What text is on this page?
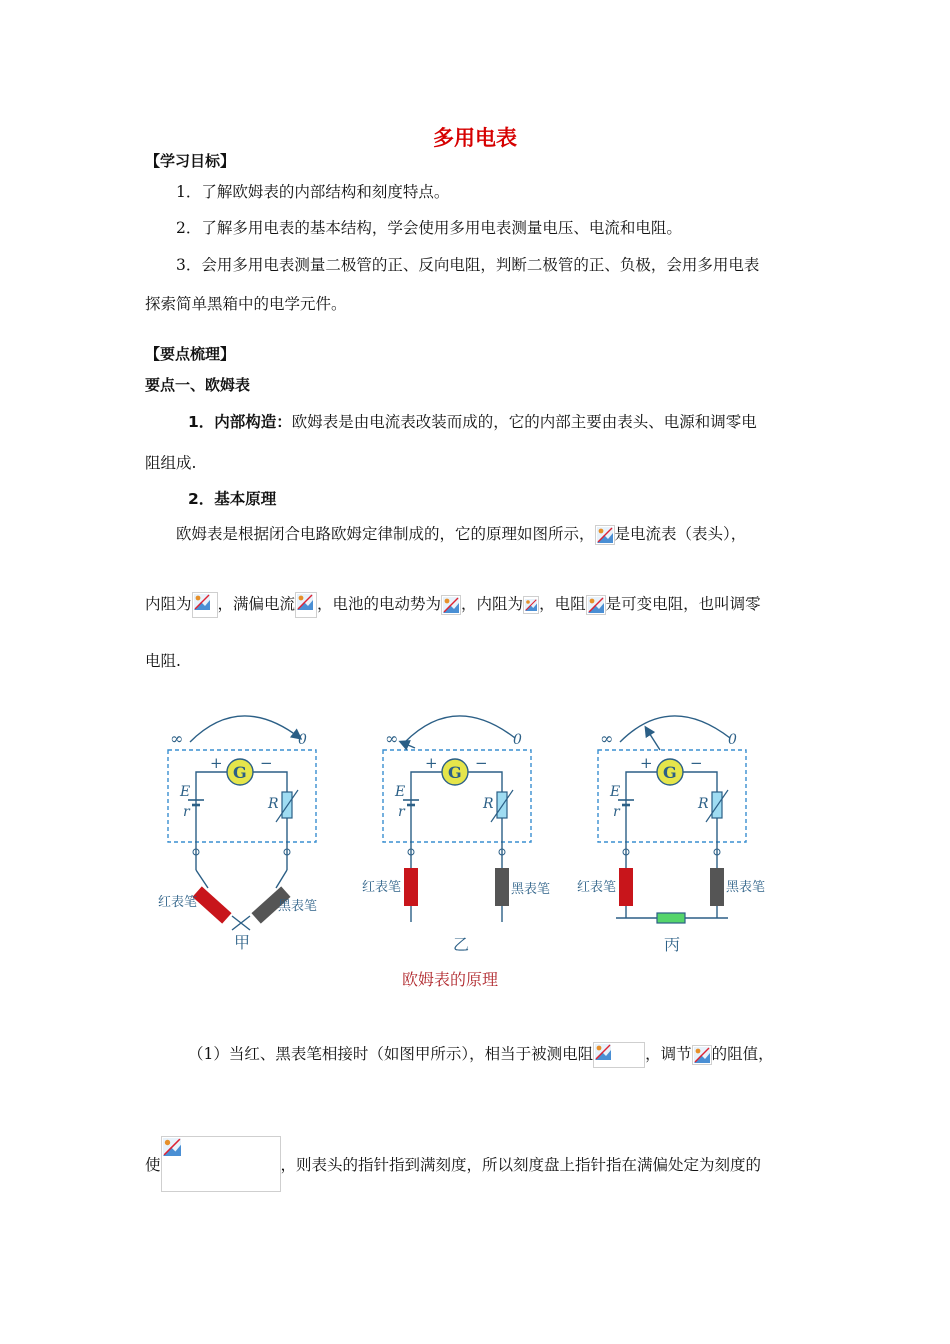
多用电表
【学习目标】
1．了解欧姆表的内部结构和刻度特点。
2．了解多用电表的基本结构，学会使用多用电表测量电压、电流和电阻。
3．会用多用电表测量二极管的正、反向电阻，判断二极管的正、负极，会用多用电表
探索简单黑箱中的电学元件。
【要点梳理】
要点一、欧姆表
1．内部构造：欧姆表是由电流表改装而成的，它的内部主要由表头、电源和调零电
阻组成.
2．基本原理
欧姆表是根据闭合电路欧姆定律制成的，它的原理如图所示， 是电流表（表头），
内阻为 ，满偏电流 ，电池的电动势为 ，内阻为 ，电阻 是可变电阻，也叫调零
电阻.
∞	0
G
+ −
E
r	R
红表笔	黑表笔
甲
∞	0
G
+ −
E
r	R
红表笔	黑表笔
乙
∞	0
G
+ −
E
r	R
红表笔	黑表笔
丙
欧姆表的原理
（1）当红、黑表笔相接时（如图甲所示），相当于被测电阻	，调节 的阻值，
使	，则表头的指针指到满刻度，所以刻度盘上指针指在满偏处定为刻度的
